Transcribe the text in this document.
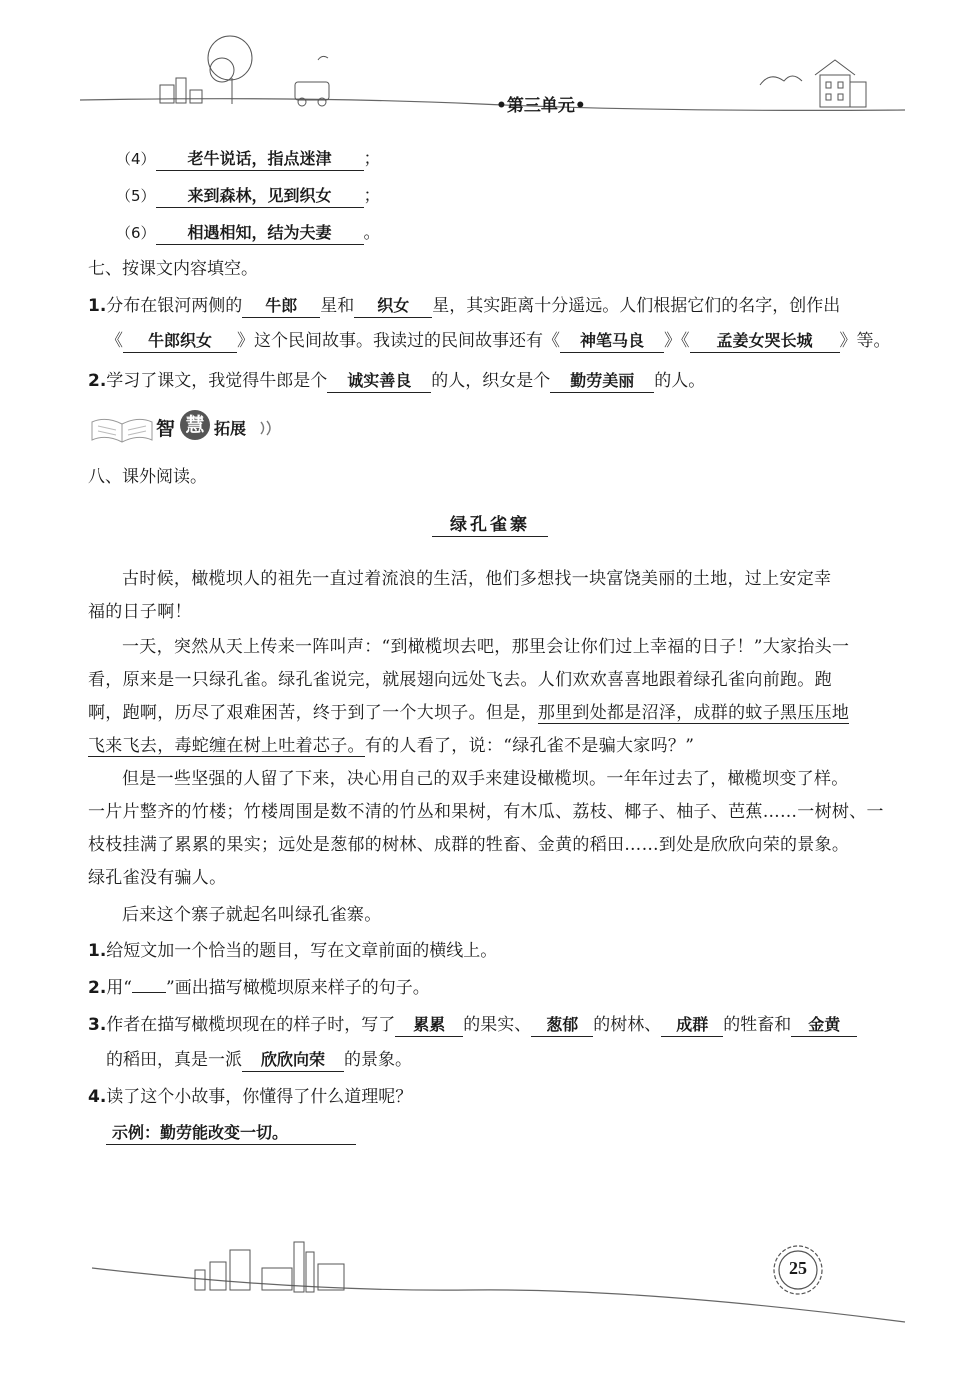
•第三单元•
（4） 老牛说话，指点迷津 ；
（5） 来到森林，见到织女 ；
（6） 相遇相知，结为夫妻 。
七、按课文内容填空。
1.分布在银河两侧的 牛郎 星和 织女 星，其实距离十分遥远。人们根据它们的名字，创作出
《 牛郎织女 》这个民间故事。我读过的民间故事还有《 神笔马良 》《 孟姜女哭长城 》等。
2.学习了课文，我觉得牛郎是个 诚实善良 的人，织女是个 勤劳美丽 的人。
智 慧 拓展
八、课外阅读。
绿孔雀寨
古时候，橄榄坝人的祖先一直过着流浪的生活，他们多想找一块富饶美丽的土地，过上安定幸
福的日子啊！
一天，突然从天上传来一阵叫声：“到橄榄坝去吧，那里会让你们过上幸福的日子！”大家抬头一
看，原来是一只绿孔雀。绿孔雀说完，就展翅向远处飞去。人们欢欢喜喜地跟着绿孔雀向前跑。跑
啊，跑啊，历尽了艰难困苦，终于到了一个大坝子。但是，那里到处都是沼泽，成群的蚊子黑压压地
飞来飞去，毒蛇缠在树上吐着芯子。有的人看了，说：“绿孔雀不是骗大家吗？”
但是一些坚强的人留了下来，决心用自己的双手来建设橄榄坝。一年年过去了，橄榄坝变了样。
一片片整齐的竹楼；竹楼周围是数不清的竹丛和果树，有木瓜、荔枝、椰子、柚子、芭蕉……一树树、一
枝枝挂满了累累的果实；远处是葱郁的树林、成群的牲畜、金黄的稻田……到处是欣欣向荣的景象。
绿孔雀没有骗人。
后来这个寨子就起名叫绿孔雀寨。
1.给短文加一个恰当的题目，写在文章前面的横线上。
2.用“ ”画出描写橄榄坝原来样子的句子。
3.作者在描写橄榄坝现在的样子时，写了 累累 的果实、 葱郁 的树林、 成群 的牲畜和 金黄
的稻田，真是一派 欣欣向荣 的景象。
4.读了这个小故事，你懂得了什么道理呢？
示例：勤劳能改变一切。
25
